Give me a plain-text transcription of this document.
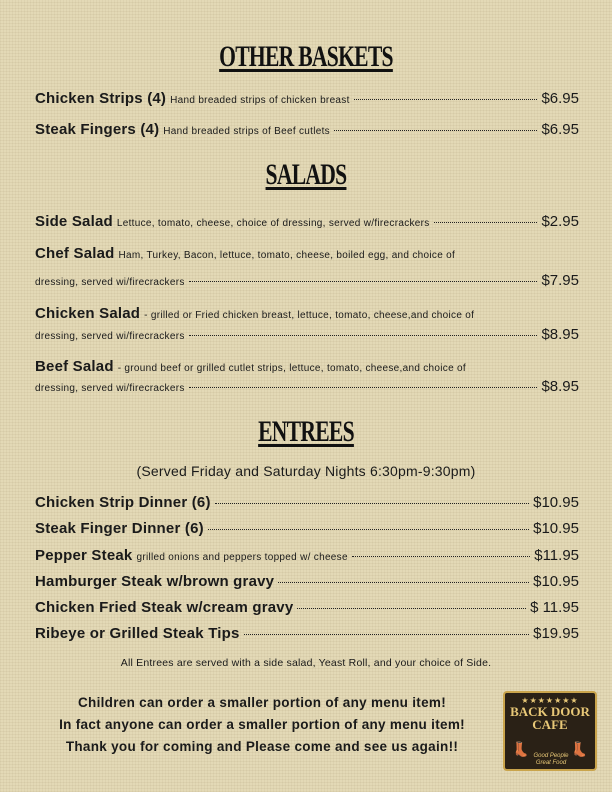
OTHER BASKETS
Chicken Strips (4) Hand breaded strips of chicken breast	$6.95
Steak Fingers (4) Hand breaded strips of Beef cutlets	$6.95
SALADS
Side Salad Lettuce, tomato, cheese, choice of dressing, served w/firecrackers	$2.95
Chef Salad Ham, Turkey, Bacon, lettuce, tomato, cheese, boiled egg, and choice of
dressing, served wi/firecrackers	$7.95
Chicken Salad - grilled or Fried chicken breast, lettuce, tomato, cheese,and choice of
dressing, served wi/firecrackers	$8.95
Beef Salad - ground beef or grilled cutlet strips, lettuce, tomato, cheese,and choice of
dressing, served wi/firecrackers	$8.95
ENTREES
(Served Friday and Saturday Nights 6:30pm-9:30pm)
Chicken Strip Dinner (6)	$10.95
Steak Finger Dinner (6)	$10.95
Pepper Steak grilled onions and peppers topped w/ cheese	$11.95
Hamburger Steak w/brown gravy	$10.95
Chicken Fried Steak w/cream gravy	$ 11.95
Ribeye or Grilled Steak Tips	$19.95
All Entrees are served with a side salad, Yeast Roll, and your choice of Side.
Children can order a smaller portion of any menu item!
In fact anyone can order a smaller portion of any menu item!
Thank you for coming and Please come and see us again!!
★★★★★★★
BACK DOOR
CAFE
👢	👢
Good People Great Food
